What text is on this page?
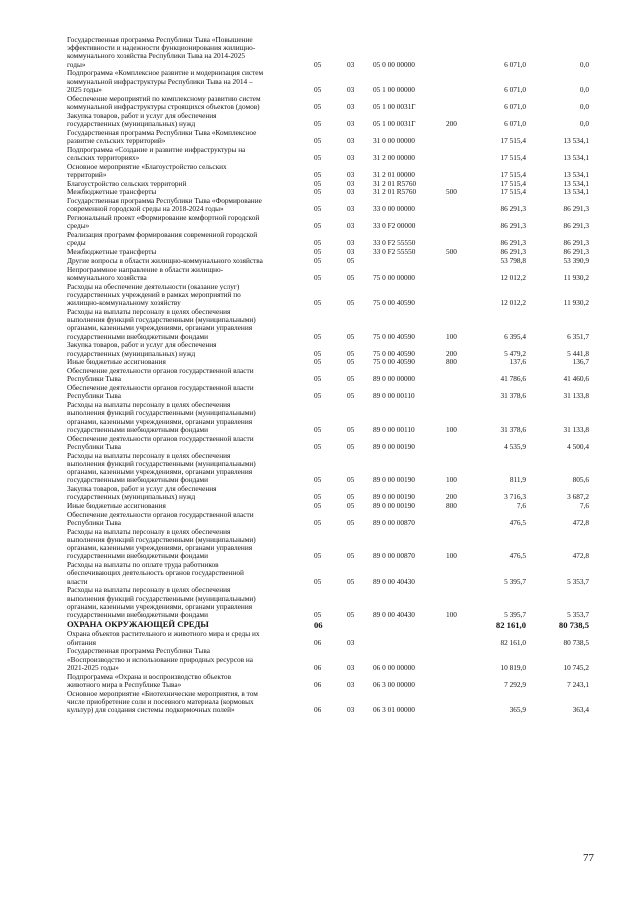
Государственная программа Республики Тыва «Повышение
эффективности и надежности функционирования жилищно-
коммунального хозяйства Республики Тыва на 2014-2025
годы»	05	03	05 0 00 00000	6 071,0	0,0
Подпрограмма «Комплексное развитие и модернизация систем
коммунальной инфраструктуры Республики Тыва на 2014 –
2025 годы»	05	03	05 1 00 00000	6 071,0	0,0
Обеспечение мероприятий по комплексному развитию систем
коммунальной инфраструктуры строящихся объектов (домов)	05	03	05 1 00 0031Г	6 071,0	0,0
Закупка товаров, работ и услуг для обеспечения
государственных (муниципальных) нужд	05	03	05 1 00 0031Г	200	6 071,0	0,0
Государственная программа Республики Тыва «Комплексное
развитие сельских территорий»	05	03	31 0 00 00000	17 515,4	13 534,1
Подпрограмма «Создание и развитие инфраструктуры на
сельских территориях»	05	03	31 2 00 00000	17 515,4	13 534,1
Основное мероприятие «Благоустройство сельских
территорий»	05	03	31 2 01 00000	17 515,4	13 534,1
Благоустройство сельских территорий	05	03	31 2 01 R5760	17 515,4	13 534,1
Межбюджетные трансферты	05	03	31 2 01 R5760	500	17 515,4	13 534,1
Государственная программа Республики Тыва «Формирование
современной городской среды на 2018-2024 годы»	05	03	33 0 00 00000	86 291,3	86 291,3
Региональный проект «Формирование комфортной городской
среды»	05	03	33 0 F2 00000	86 291,3	86 291,3
Реализация программ формирования современной городской
среды	05	03	33 0 F2 55550	86 291,3	86 291,3
Межбюджетные трансферты	05	03	33 0 F2 55550	500	86 291,3	86 291,3
Другие вопросы в области жилищно-коммунального хозяйства	05	05	53 798,8	53 390,9
Непрограммное направление в области жилищно-
коммунального хозяйства	05	05	75 0 00 00000	12 012,2	11 930,2
Расходы на обеспечение деятельности (оказание услуг)
государственных учреждений в рамках мероприятий по
жилищно-коммунальному хозяйству	05	05	75 0 00 40590	12 012,2	11 930,2
Расходы на выплаты персоналу в целях обеспечения
выполнения функций государственными (муниципальными)
органами, казенными учреждениями, органами управления
государственными внебюджетными фондами	05	05	75 0 00 40590	100	6 395,4	6 351,7
Закупка товаров, работ и услуг для обеспечения
государственных (муниципальных) нужд	05	05	75 0 00 40590	200	5 479,2	5 441,8
Иные бюджетные ассигнования	05	05	75 0 00 40590	800	137,6	136,7
Обеспечение деятельности органов государственной власти
Республики Тыва	05	05	89 0 00 00000	41 786,6	41 460,6
Обеспечение деятельности органов государственной власти
Республики Тыва	05	05	89 0 00 00110	31 378,6	31 133,8
Расходы на выплаты персоналу в целях обеспечения
выполнения функций государственными (муниципальными)
органами, казенными учреждениями, органами управления
государственными внебюджетными фондами	05	05	89 0 00 00110	100	31 378,6	31 133,8
Обеспечение деятельности органов государственной власти
Республики Тыва	05	05	89 0 00 00190	4 535,9	4 500,4
Расходы на выплаты персоналу в целях обеспечения
выполнения функций государственными (муниципальными)
органами, казенными учреждениями, органами управления
государственными внебюджетными фондами	05	05	89 0 00 00190	100	811,9	805,6
Закупка товаров, работ и услуг для обеспечения
государственных (муниципальных) нужд	05	05	89 0 00 00190	200	3 716,3	3 687,2
Иные бюджетные ассигнования	05	05	89 0 00 00190	800	7,6	7,6
Обеспечение деятельности органов государственной власти
Республики Тыва	05	05	89 0 00 00870	476,5	472,8
Расходы на выплаты персоналу в целях обеспечения
выполнения функций государственными (муниципальными)
органами, казенными учреждениями, органами управления
государственными внебюджетными фондами	05	05	89 0 00 00870	100	476,5	472,8
Расходы на выплаты по оплате труда работников
обеспечивающих деятельность органов государственной
власти	05	05	89 0 00 40430	5 395,7	5 353,7
Расходы на выплаты персоналу в целях обеспечения
выполнения функций государственными (муниципальными)
органами, казенными учреждениями, органами управления
государственными внебюджетными фондами	05	05	89 0 00 40430	100	5 395,7	5 353,7
ОХРАНА ОКРУЖАЮЩЕЙ СРЕДЫ	06	82 161,0	80 738,5
Охрана объектов растительного и животного мира и среды их
обитания	06	03	82 161,0	80 738,5
Государственная программа Республики Тыва
«Воспроизводство и использование природных ресурсов на
2021-2025 годы»	06	03	06 0 00 00000	10 819,0	10 745,2
Подпрограмма «Охрана и воспроизводство объектов
животного мира в Республике Тыва»	06	03	06 3 00 00000	7 292,9	7 243,1
Основное мероприятие «Биотехнические мероприятия, в том
числе приобретение соли и посевного материала (кормовых
культур) для создания системы подкормочных полей»	06	03	06 3 01 00000	365,9	363,4
77
